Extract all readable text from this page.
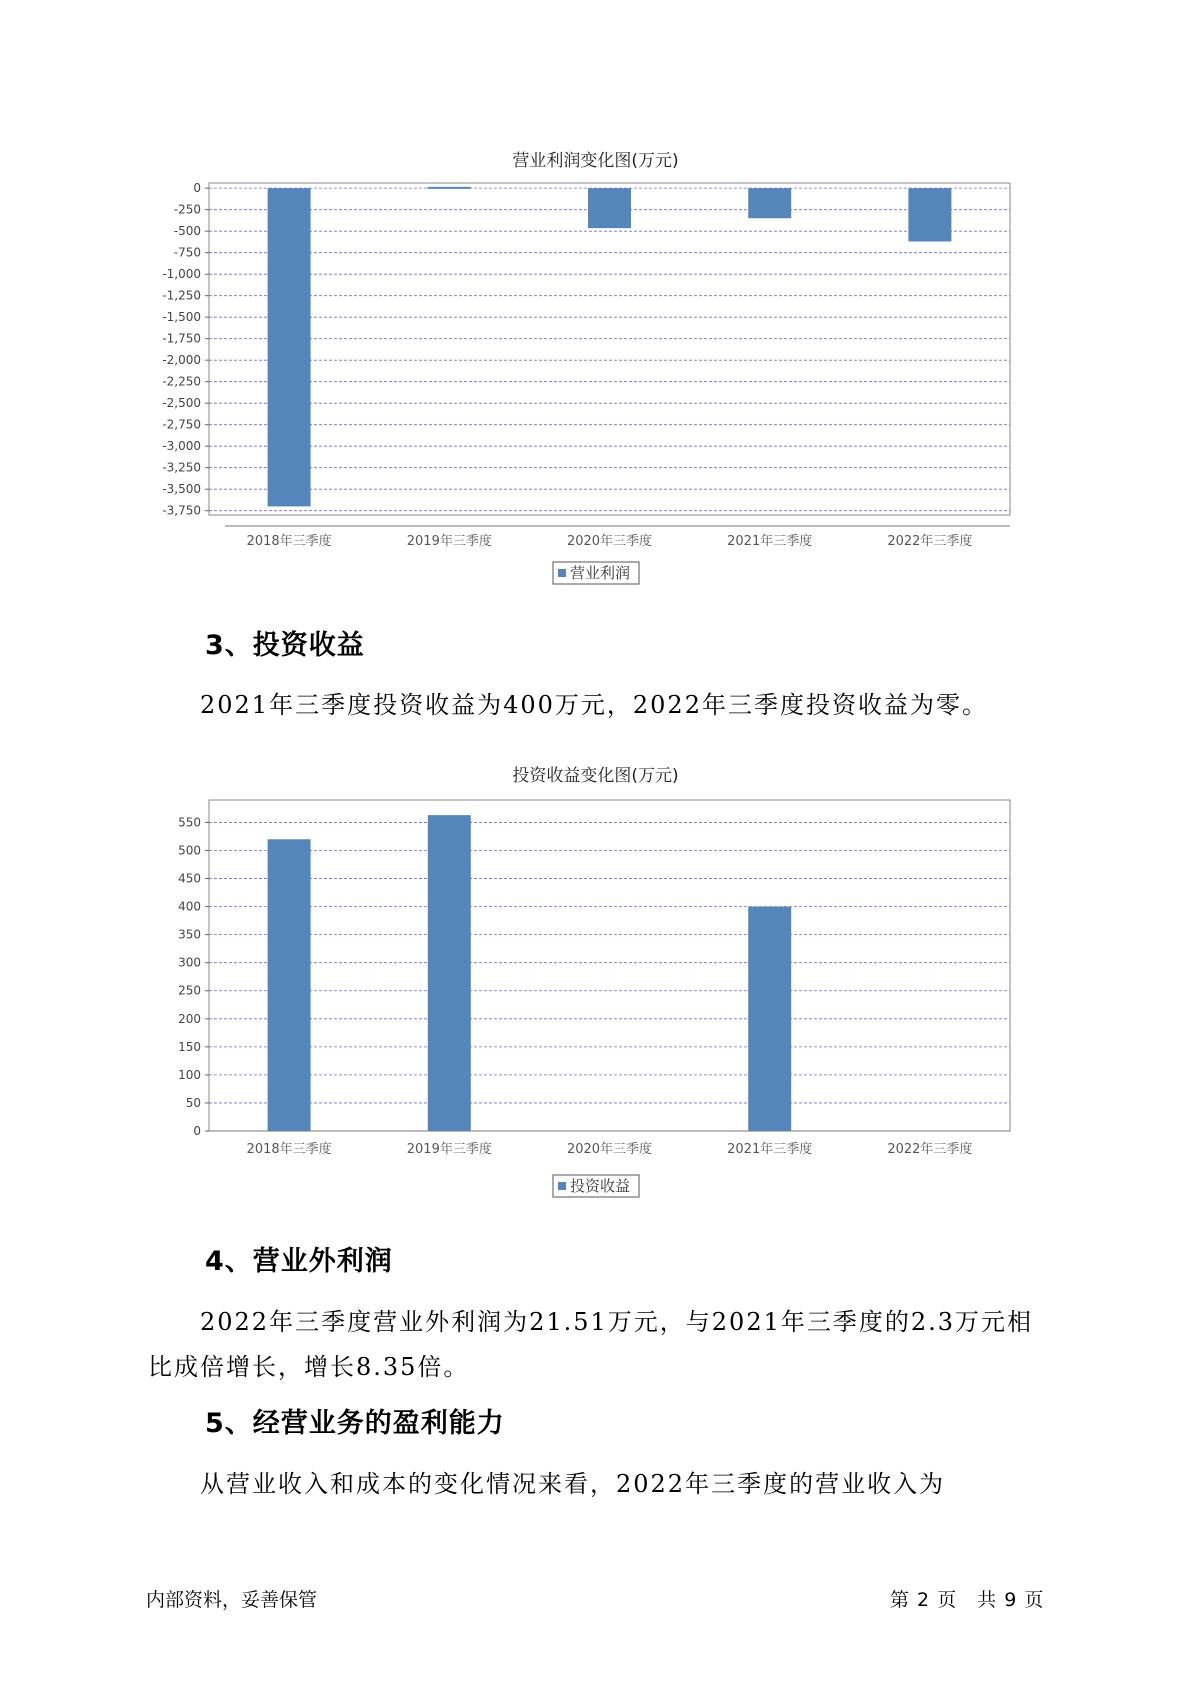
营业利润变化图(万元)
0
-250
-500
-750
-1,000
-1,250
-1,500
-1,750
-2,000
-2,250
-2,500
-2,750
-3,000
-3,250
-3,500
-3,750
2018年三季度	2019年三季度	2020年三季度	2021年三季度	2022年三季度
营业利润
3、投资收益
2021年三季度投资收益为400万元，2022年三季度投资收益为零。
投资收益变化图(万元)
0
50
100
150
200
250
300
350
400
450
500
550
2018年三季度	2019年三季度	2020年三季度	2021年三季度	2022年三季度
投资收益
4、营业外利润
2022年三季度营业外利润为21.51万元，与2021年三季度的2.3万元相
比成倍增长，增长8.35倍。
5、经营业务的盈利能力
从营业收入和成本的变化情况来看，2022年三季度的营业收入为
内部资料，妥善保管	第 2 页　共 9 页
